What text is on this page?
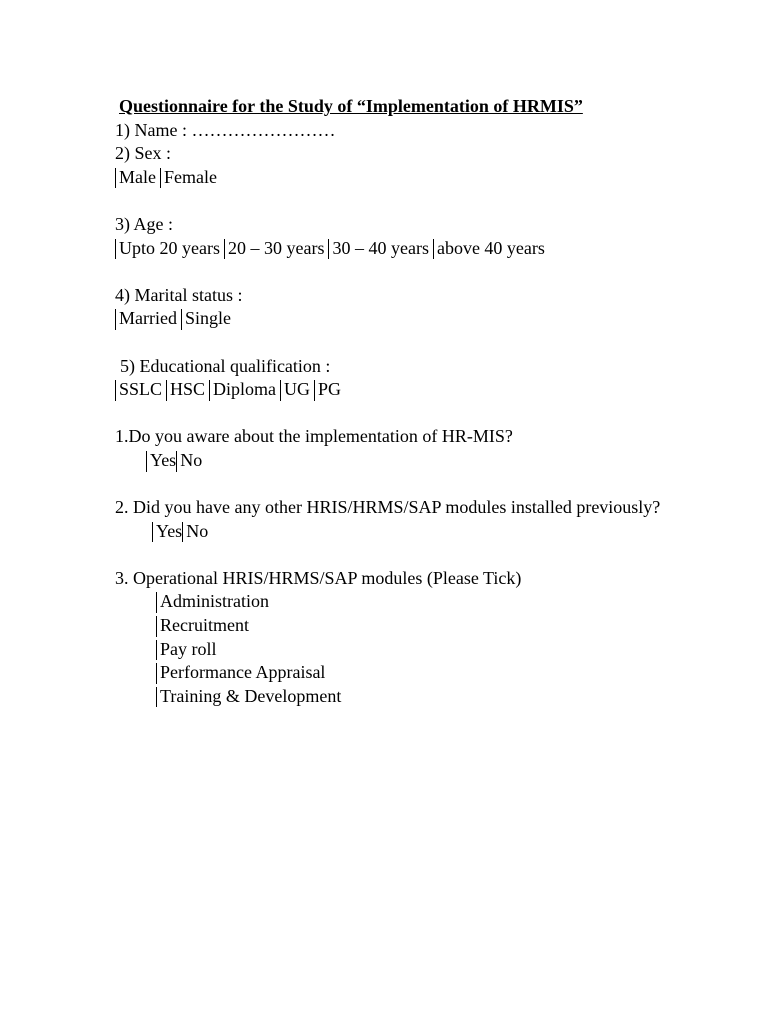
Questionnaire for the Study of “Implementation of HRMIS”
1) Name : ……………………
2) Sex :
Male Female
3) Age :
Upto 20 years 20 – 30 years 30 – 40 years above 40 years
4) Marital status :
Married Single
5) Educational qualification :
SSLC HSC Diploma UG PG
1.Do you aware about the implementation of HR-MIS?
Yes No
2. Did you have any other HRIS/HRMS/SAP modules installed previously?
Yes No
3. Operational HRIS/HRMS/SAP modules (Please Tick)
Administration
Recruitment
Pay roll
Performance Appraisal
Training & Development
